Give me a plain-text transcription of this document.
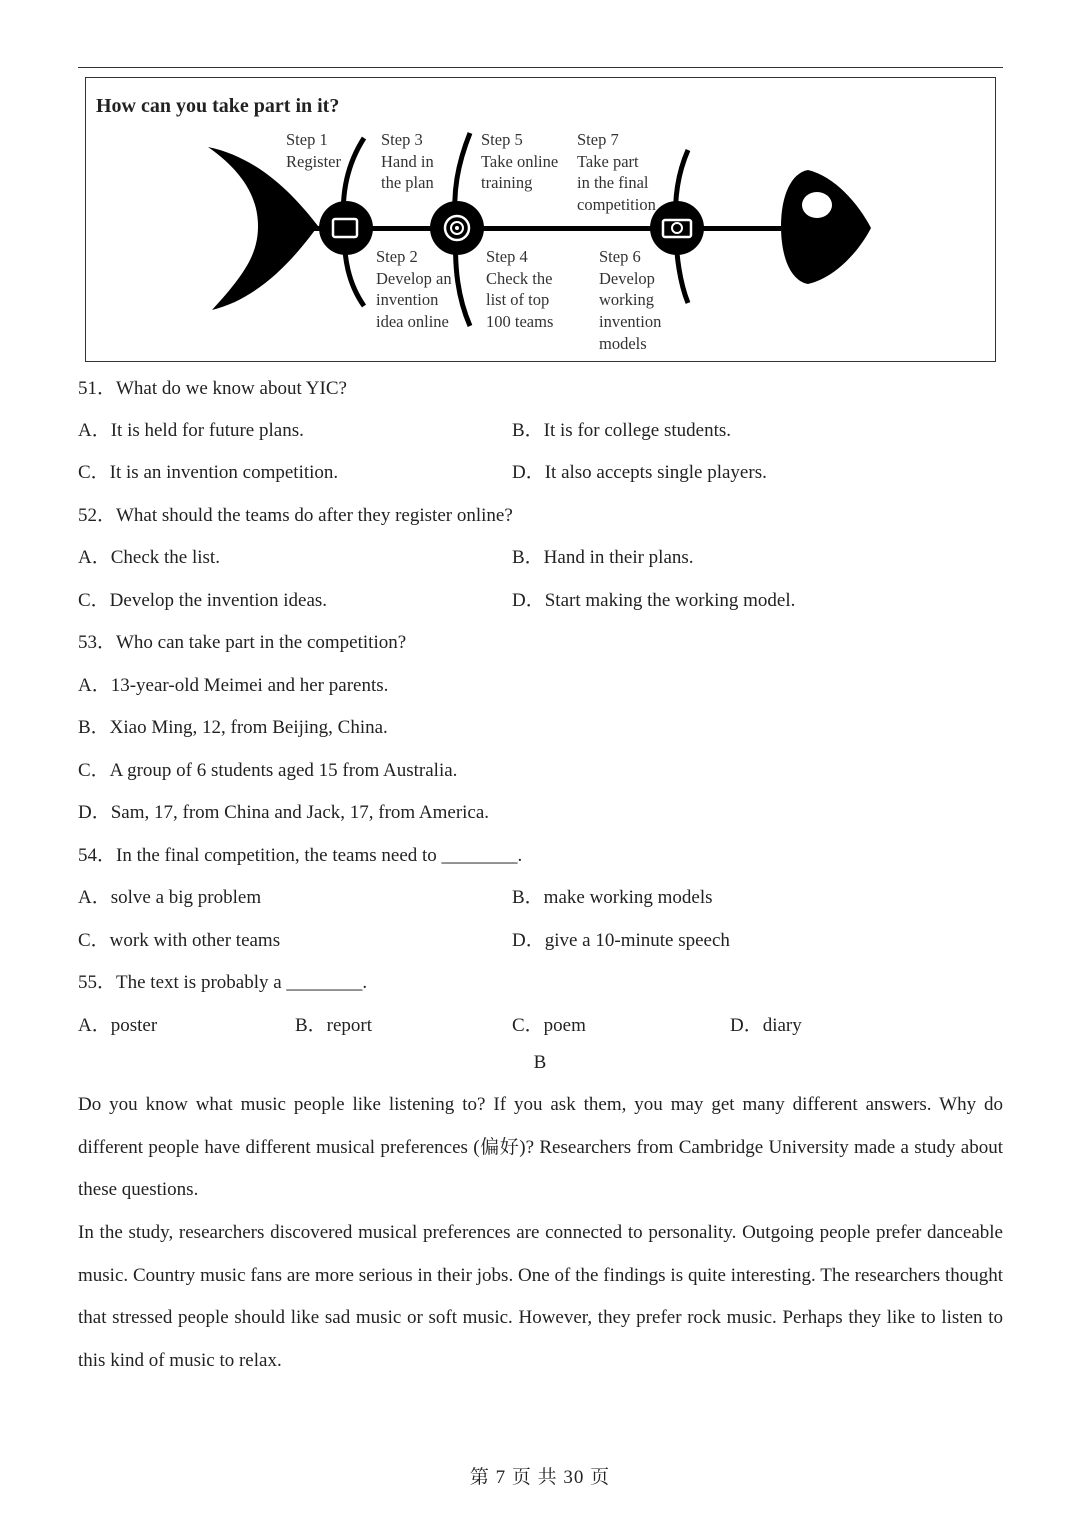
How can you take part in it?
Step 1
Register
Step 3
Hand in
the plan
Step 5
Take online
training
Step 7
Take part
in the final
competition
Step 2
Develop an
invention
idea online
Step 4
Check the
list of top
100 teams
Step 6
Develop
working
invention
models
51．What do we know about YIC?
A．It is held for future plans.	B．It is for college students.
C．It is an invention competition.	D．It also accepts single players.
52．What should the teams do after they register online?
A．Check the list.	B．Hand in their plans.
C．Develop the invention ideas.	D．Start making the working model.
53．Who can take part in the competition?
A．13-year-old Meimei and her parents.
B．Xiao Ming, 12, from Beijing, China.
C．A group of 6 students aged 15 from Australia.
D．Sam, 17, from China and Jack, 17, from America.
54．In the final competition, the teams need to ________.
A．solve a big problem	B．make working models
C．work with other teams	D．give a 10-minute speech
55．The text is probably a ________.
A．poster	B．report	C．poem	D．diary
B
Do you know what music people like listening to? If you ask them, you may get many different answers. Why do different people have different musical preferences (偏好)? Researchers from Cambridge University made a study about these questions.
In the study, researchers discovered musical preferences are connected to personality. Outgoing people prefer danceable music. Country music fans are more serious in their jobs. One of the findings is quite interesting. The researchers thought that stressed people should like sad music or soft music. However, they prefer rock music. Perhaps they like to listen to this kind of music to relax.
第 7 页 共 30 页
